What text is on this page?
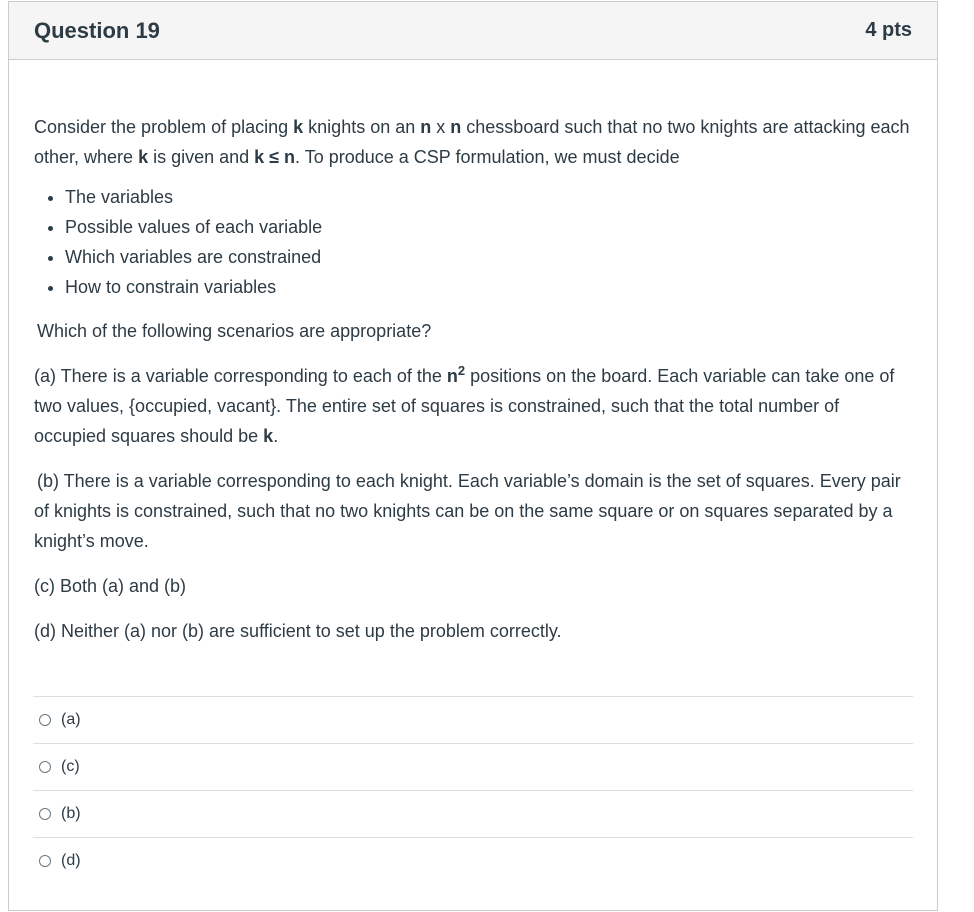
Question 19	4 pts

Consider the problem of placing k knights on an n x n chessboard such that no two knights are attacking each other, where k is given and k ≤ n. To produce a CSP formulation, we must decide

• The variables
• Possible values of each variable
• Which variables are constrained
• How to constrain variables

Which of the following scenarios are appropriate?

(a) There is a variable corresponding to each of the $n^2$ positions on the board. Each variable can take one of two values, {occupied, vacant}. The entire set of squares is constrained, such that the total number of occupied squares should be k.

(b) There is a variable corresponding to each knight. Each variable’s domain is the set of squares. Every pair of knights is constrained, such that no two knights can be on the same square or on squares separated by a knight’s move.

(c) Both (a) and (b)

(d) Neither (a) nor (b) are sufficient to set up the problem correctly.

(a)
(c)
(b)
(d)
